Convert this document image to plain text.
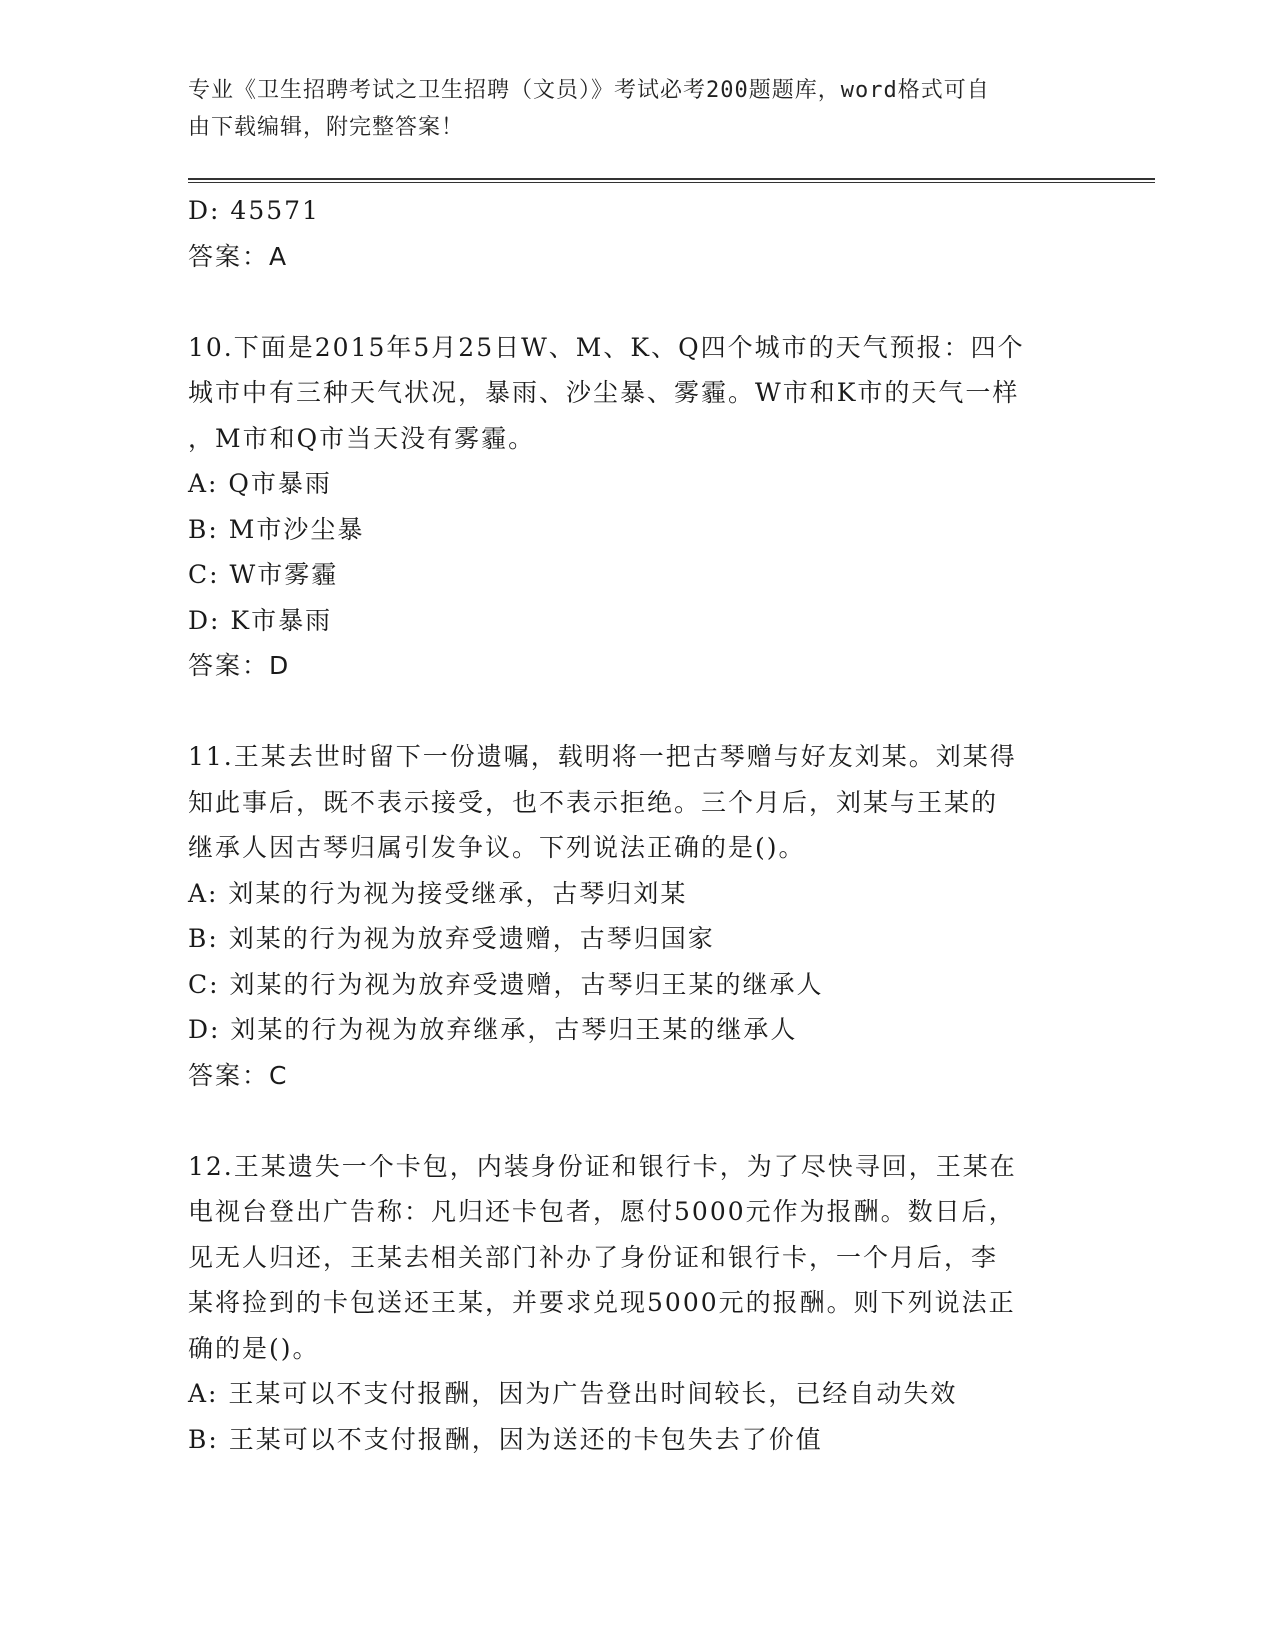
专业《卫生招聘考试之卫生招聘（文员）》考试必考200题题库，word格式可自
由下载编辑，附完整答案！
D: 45571
答案：A
10.下面是2015年5月25日W、M、K、Q四个城市的天气预报：四个
城市中有三种天气状况，暴雨、沙尘暴、雾霾。W市和K市的天气一样
，M市和Q市当天没有雾霾。
A: Q市暴雨
B: M市沙尘暴
C: W市雾霾
D: K市暴雨
答案：D
11.王某去世时留下一份遗嘱，载明将一把古琴赠与好友刘某。刘某得
知此事后，既不表示接受，也不表示拒绝。三个月后，刘某与王某的
继承人因古琴归属引发争议。下列说法正确的是()。
A: 刘某的行为视为接受继承，古琴归刘某
B: 刘某的行为视为放弃受遗赠，古琴归国家
C: 刘某的行为视为放弃受遗赠，古琴归王某的继承人
D: 刘某的行为视为放弃继承，古琴归王某的继承人
答案：C
12.王某遗失一个卡包，内装身份证和银行卡，为了尽快寻回，王某在
电视台登出广告称：凡归还卡包者，愿付5000元作为报酬。数日后，
见无人归还，王某去相关部门补办了身份证和银行卡，一个月后，李
某将捡到的卡包送还王某，并要求兑现5000元的报酬。则下列说法正
确的是()。
A: 王某可以不支付报酬，因为广告登出时间较长，已经自动失效
B: 王某可以不支付报酬，因为送还的卡包失去了价值
